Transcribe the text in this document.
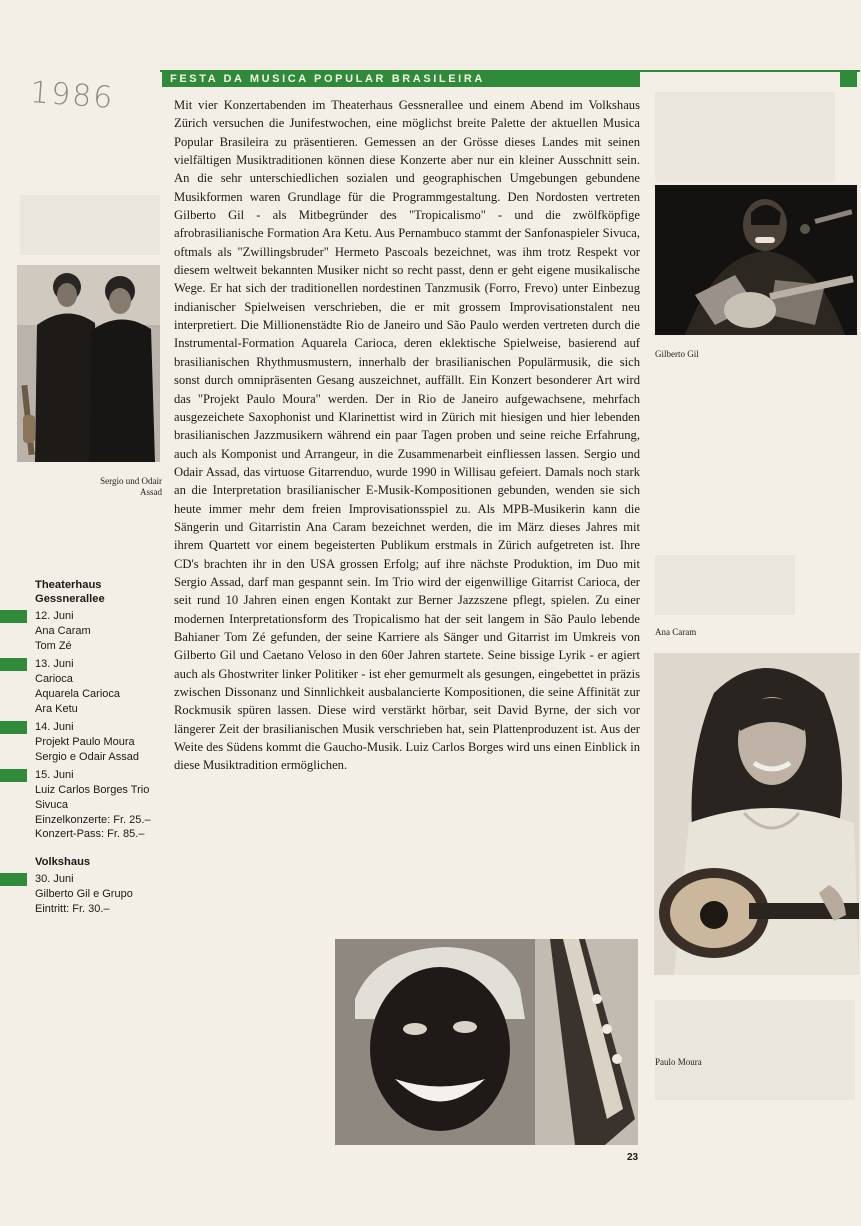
FESTA DA MUSICA POPULAR BRASILEIRA
1986
Sergio und Odair Assad
Gilberto Gil
Ana Caram
Paulo Moura
Mit vier Konzertabenden im Theaterhaus Gessnerallee und einem Abend im Volkshaus Zürich versuchen die Junifestwochen, eine möglichst breite Palette der aktuellen Musica Popular Brasileira zu präsentieren. Gemessen an der Grösse dieses Landes mit seinen vielfältigen Musiktraditionen können diese Konzerte aber nur ein kleiner Ausschnitt sein. An die sehr unterschiedlichen sozialen und geographischen Umgebungen gebundene Musikformen waren Grundlage für die Programmgestaltung. Den Nordosten vertreten Gilberto Gil - als Mitbegründer des "Tropicalismo" - und die zwölfköpfige afrobrasilianische Formation Ara Ketu. Aus Pernambuco stammt der Sanfonaspieler Sivuca, oftmals als "Zwillingsbruder" Hermeto Pascoals bezeichnet, was ihm trotz Respekt vor diesem weltweit bekannten Musiker nicht so recht passt, denn er geht eigene musikalische Wege. Er hat sich der traditionellen nordestinen Tanzmusik (Forro, Frevo) unter Einbezug indianischer Spielweisen verschrieben, die er mit grossem Improvisationstalent neu interpretiert. Die Millionenstädte Rio de Janeiro und São Paulo werden vertreten durch die Instrumental-Formation Aquarela Carioca, deren eklektische Spielweise, basierend auf brasilianischen Rhythmusmustern, innerhalb der brasilianischen Populärmusik, die sich sonst durch omnipräsenten Gesang auszeichnet, auffällt. Ein Konzert besonderer Art wird das "Projekt Paulo Moura" werden. Der in Rio de Janeiro aufgewachsene, mehrfach ausgezeichete Saxophonist und Klarinettist wird in Zürich mit hiesigen und hier lebenden brasilianischen Jazzmusikern während ein paar Tagen proben und seine reiche Erfahrung, auch als Komponist und Arrangeur, in die Zusammenarbeit einfliessen lassen. Sergio und Odair Assad, das virtuose Gitarrenduo, wurde 1990 in Willisau gefeiert. Damals noch stark an die Interpretation brasilianischer E-Musik-Kompositionen gebunden, wenden sie sich heute immer mehr dem freien Improvisationsspiel zu. Als MPB-Musikerin kann die Sängerin und Gitarristin Ana Caram bezeichnet werden, die im März dieses Jahres mit ihrem Quartett vor einem begeisterten Publikum erstmals in Zürich aufgetreten ist. Ihre CD's brachten ihr in den USA grossen Erfolg; auf ihre nächste Produktion, im Duo mit Sergio Assad, darf man gespannt sein. Im Trio wird der eigenwillige Gitarrist Carioca, der seit rund 10 Jahren einen engen Kontakt zur Berner Jazzszene pflegt, spielen. Zu einer modernen Interpretationsform des Tropicalismo hat der seit langem in São Paulo lebende Bahianer Tom Zé gefunden, der seine Karriere als Sänger und Gitarrist im Umkreis von Gilberto Gil und Caetano Veloso in den 60er Jahren startete. Seine bissige Lyrik - er agiert auch als Ghostwriter linker Politiker - ist eher gemurmelt als gesungen, eingebettet in präzis zwischen Dissonanz und Sinnlichkeit ausbalancierte Kompositionen, die seine Affinität zur Rockmusik spüren lassen. Diese wird verstärkt hörbar, seit David Byrne, der sich vor längerer Zeit der brasilianischen Musik verschrieben hat, sein Plattenproduzent ist. Aus der Weite des Südens kommt die Gaucho-Musik. Luiz Carlos Borges wird uns einen Einblick in diese Musiktradition ermöglichen.
Theaterhaus
Gessnerallee
12. Juni
Ana Caram
Tom Zé
13. Juni
Carioca
Aquarela Carioca
Ara Ketu
14. Juni
Projekt Paulo Moura
Sergio e Odair Assad
15. Juni
Luiz Carlos Borges Trio
Sivuca
Einzelkonzerte: Fr. 25.–
Konzert-Pass: Fr. 85.–
Volkshaus
30. Juni
Gilberto Gil e Grupo
Eintritt: Fr. 30.–
23
